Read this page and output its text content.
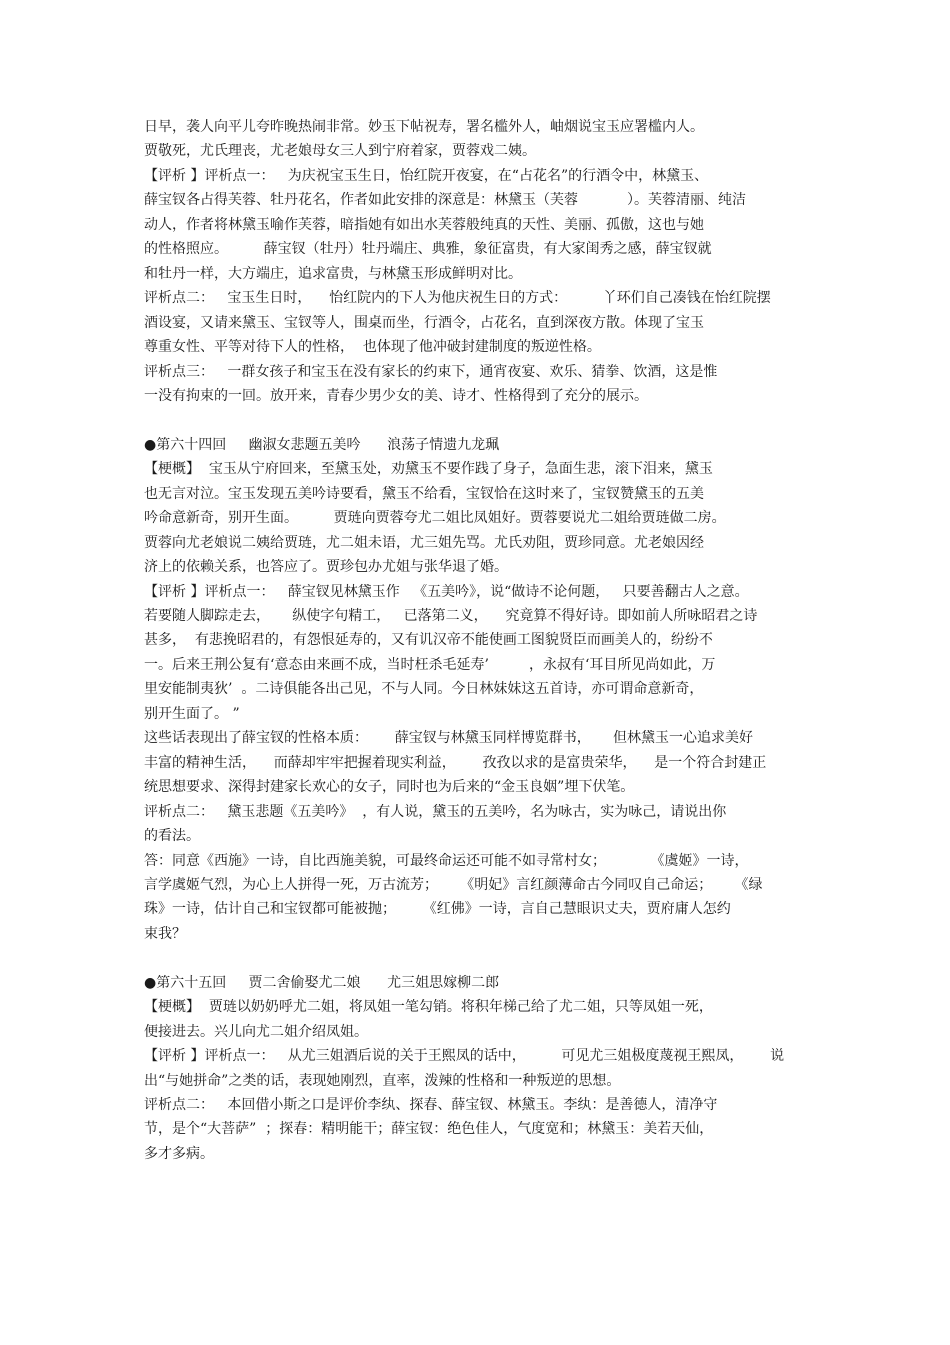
日早，袭人向平儿夸昨晚热闹非常。妙玉下帖祝寿，署名槛外人，岫烟说宝玉应署槛内人。
贾敬死，尤氏理丧，尤老娘母女三人到宁府着家，贾蓉戏二姨。
【评析 】评析点一：   为庆祝宝玉生日，怡红院开夜宴，在“占花名”的行酒令中，林黛玉、
薛宝钗各占得芙蓉、牡丹花名，作者如此安排的深意是：林黛玉（芙蓉           ）。芙蓉清丽、纯洁
动人，作者将林黛玉喻作芙蓉，暗指她有如出水芙蓉般纯真的天性、美丽、孤傲，这也与她
的性格照应。        薛宝钗（牡丹）牡丹端庄、典雅，象征富贵，有大家闺秀之感，薛宝钗就
和牡丹一样，大方端庄，追求富贵，与林黛玉形成鲜明对比。
评析点二：   宝玉生日时，    怡红院内的下人为他庆祝生日的方式：        丫环们自己凑钱在怡红院摆
酒设宴，又请来黛玉、宝钗等人，围桌而坐，行酒令，占花名，直到深夜方散。体现了宝玉
尊重女性、平等对待下人的性格，  也体现了他冲破封建制度的叛逆性格。
评析点三：   一群女孩子和宝玉在没有家长的约束下，通宵夜宴、欢乐、猜拳、饮酒，这是惟
一没有拘束的一回。放开来，青春少男少女的美、诗才、性格得到了充分的展示。
●第六十四回     幽淑女悲题五美吟      浪荡子情遗九龙珮
【梗概】  宝玉从宁府回来，至黛玉处，劝黛玉不要作践了身子，急面生悲，滚下泪来，黛玉
也无言对泣。宝玉发现五美吟诗要看，黛玉不给看，宝钗恰在这时来了，宝钗赞黛玉的五美
吟命意新奇，别开生面。        贾琏向贾蓉夸尤二姐比凤姐好。贾蓉要说尤二姐给贾琏做二房。
贾蓉向尤老娘说二姨给贾琏，尤二姐未语，尤三姐先骂。尤氏劝阻，贾珍同意。尤老娘因经
济上的依赖关系，也答应了。贾珍包办尤姐与张华退了婚。
【评析 】评析点一：   薛宝钗见林黛玉作   《五美吟》，说“做诗不论何题，   只要善翻古人之意。
若要随人脚踪走去，     纵使字句精工，   已落第二义，    究竟算不得好诗。即如前人所咏昭君之诗
甚多，  有悲挽昭君的，有怨恨延寿的，又有讥汉帝不能使画工图貌贤臣而画美人的，纷纷不
一。后来王荆公复有‘意态由来画不成，当时枉杀毛延寿’         ，永叔有‘耳目所见尚如此，万
里安能制夷狄’  。二诗俱能各出己见，不与人同。今日林妹妹这五首诗，亦可谓命意新奇，
别开生面了。 ”
这些话表现出了薛宝钗的性格本质：      薛宝钗与林黛玉同样博览群书，     但林黛玉一心追求美好
丰富的精神生活，    而薛却牢牢把握着现实利益，      孜孜以求的是富贵荣华，    是一个符合封建正
统思想要求、深得封建家长欢心的女子，同时也为后来的“金玉良姻”埋下伏笔。
评析点二：   黛玉悲题《五美吟》  ，有人说，黛玉的五美吟，名为咏古，实为咏己，请说出你
的看法。
答：同意《西施》一诗，自比西施美貌，可最终命运还可能不如寻常村女；          《虞姬》一诗，
言学虞姬气烈，为心上人拼得一死，万古流芳；     《明妃》言红颜薄命古今同叹自己命运；     《绿
珠》一诗，估计自己和宝钗都可能被抛；      《红佛》一诗，言自己慧眼识丈夫，贾府庸人怎约
束我？
●第六十五回     贾二舍偷娶尤二娘      尤三姐思嫁柳二郎
【梗概】  贾琏以奶奶呼尤二姐，将凤姐一笔勾销。将积年梯己给了尤二姐，只等凤姐一死，
便接进去。兴儿向尤二姐介绍凤姐。
【评析 】评析点一：   从尤三姐酒后说的关于王熙凤的话中，        可见尤三姐极度蔑视王熙凤，      说
出“与她拼命”之类的话，表现她刚烈，直率，泼辣的性格和一种叛逆的思想。
评析点二：   本回借小斯之口是评价李纨、探春、薛宝钗、林黛玉。李纨：是善德人，清净守
节，是个“大菩萨”  ；探春：精明能干；薛宝钗：绝色佳人，气度宽和；林黛玉：美若天仙，
多才多病。
